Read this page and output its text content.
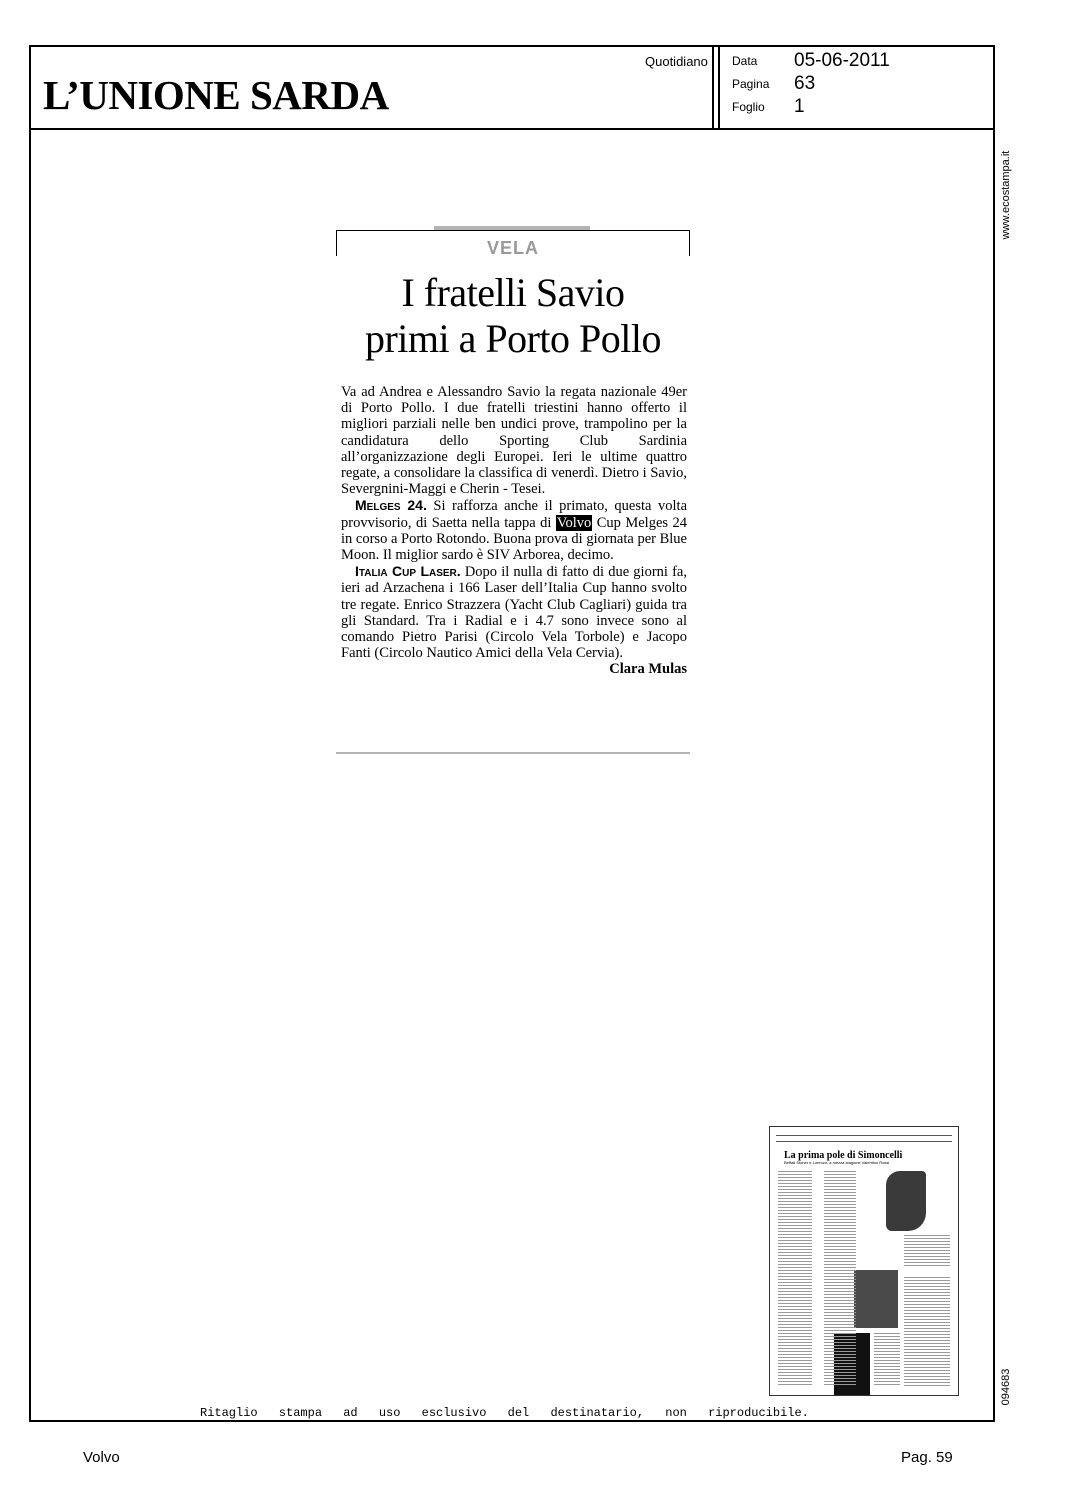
L’UNIONE SARDA
Quotidiano Data 05-06-2011
Pagina 63
Foglio 1
www.ecostampa.it
094683
VELA
I fratelli Savio
primi a Porto Pollo

Va ad Andrea e Alessandro Savio la regata nazionale 49er di Porto Pollo. I due fratelli triestini hanno offerto il migliori parziali nelle ben undici prove, trampolino per la candidatura dello Sporting Club Sardinia all’organizzazione degli Europei. Ieri le ultime quattro regate, a consolidare la classifica di venerdì. Dietro i Savio, Severgnini-Maggi e Cherin - Tesei.

Melges 24. Si rafforza anche il primato, questa volta provvisorio, di Saetta nella tappa di Volvo Cup Melges 24 in corso a Porto Rotondo. Buona prova di giornata per Blue Moon. Il miglior sardo è SIV Arborea, decimo.

Italia Cup Laser. Dopo il nulla di fatto di due giorni fa, ieri ad Arzachena i 166 Laser dell’Italia Cup hanno svolto tre regate. Enrico Strazzera (Yacht Club Cagliari) guida tra gli Standard. Tra i Radial e i 4.7 sono invece sono al comando Pietro Parisi (Circolo Vela Torbole) e Jacopo Fanti (Circolo Nautico Amici della Vela Cervia).

Clara Mulas

La prima pole di Simoncelli
Beffati Stoner e Lorenzo, a mezza stagione Valentino Rossi
Ritaglio stampa ad uso esclusivo del destinatario, non riproducibile.
Volvo	Pag. 59
